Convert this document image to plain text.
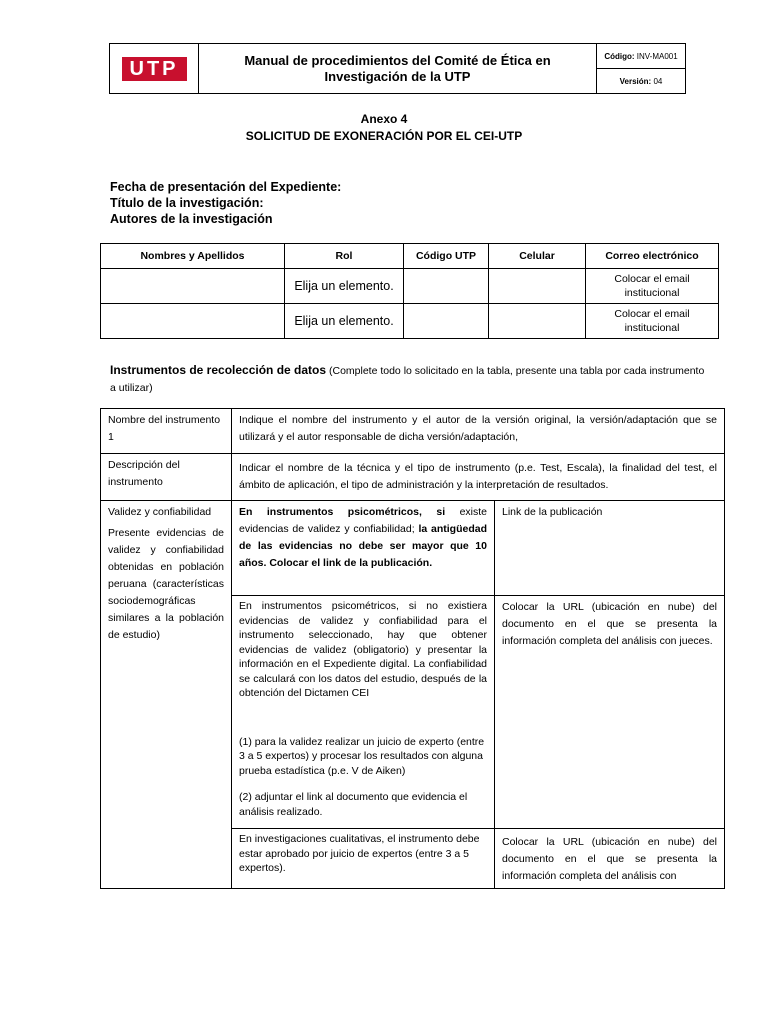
UTP	Manual de procedimientos del Comité de Ética en Investigación de la UTP	Código: INV-MA001
Versión: 04
Anexo 4
SOLICITUD DE EXONERACIÓN POR EL CEI-UTP
Fecha de presentación del Expediente:
Título de la investigación:
Autores de la investigación
Nombres y Apellidos	Rol	Código UTP	Celular	Correo electrónico
	Elija un elemento.			Colocar el email institucional
	Elija un elemento.			Colocar el email institucional
Instrumentos de recolección de datos (Complete todo lo solicitado en la tabla, presente una tabla por cada instrumento a utilizar)
Nombre del instrumento 1	Indique el nombre del instrumento y el autor de la versión original, la versión/adaptación que se utilizará y el autor responsable de dicha versión/adaptación,	
Descripción del instrumento	Indicar el nombre de la técnica y el tipo de instrumento (p.e. Test, Escala), la finalidad del test, el ámbito de aplicación, el tipo de administración y la interpretación de resultados.	

Validez y confiabilidad
Presente evidencias de validez y confiabilidad obtenidas en población peruana (características sociodemográficas similares a la población de estudio)	En instrumentos psicométricos, si existe evidencias de validez y confiabilidad; la antigüedad de las evidencias no debe ser mayor que 10 años. Colocar el link de la publicación.	Link de la publicación

	En instrumentos psicométricos, si no existiera evidencias de validez y confiabilidad para el instrumento seleccionado, hay que obtener evidencias de validez (obligatorio) y presentar la información en el Expediente digital. La confiabilidad se calculará con los datos del estudio, después de la obtención del Dictamen CEI
(1) para la validez realizar un juicio de experto (entre 3 a 5 expertos) y procesar los resultados con alguna prueba estadística (p.e. V de Aiken)
(2) adjuntar el link al documento que evidencia el análisis realizado.	Colocar la URL (ubicación en nube) del documento en el que se presenta la información completa del análisis con jueces.
	En investigaciones cualitativas, el instrumento debe estar aprobado por juicio de expertos (entre 3 a 5 expertos).	Colocar la URL (ubicación en nube) del documento en el que se presenta la información completa del análisis con
